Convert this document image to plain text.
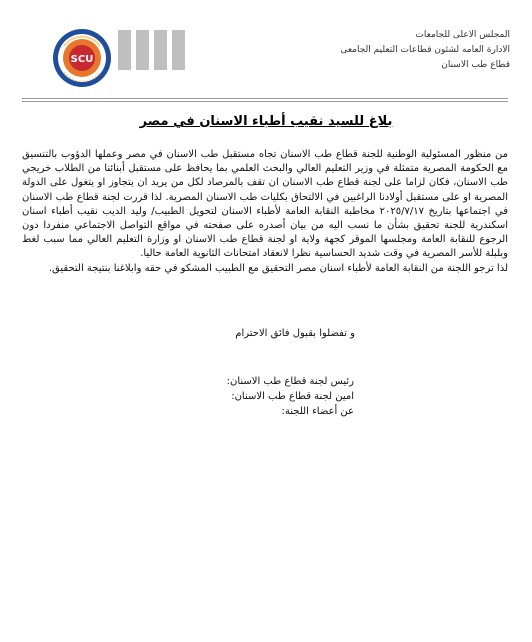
المجلس الاعلى للجامعات
الادارة العامه لشئون قطاعات التعليم الجامعى
قطاع طب الاسنان
SCU
بلاغ للسيد نقيب أطباء الاسنان في مصر

من منظور المسئولية الوطنية للجنة قطاع طب الاسنان تجاه مستقبل طب الاسنان في مصر وعملها الدؤوب بالتنسيق مع الحكومة المصرية متمثلة في وزير التعليم العالي والبحث العلمي بما يحافظ على مستقبل أبنائنا من الطلاب خريجي طب الاسنان، فكان لزاما على لجنة قطاع طب الاسنان ان تقف بالمرصاد لكل من يريد ان يتجاوز او يتغول على الدولة المصرية او على مستقبل أولادنا الراغبين في الالتحاق بكليات طب الاسنان المصرية. لذا قررت لجنة قطاع طب الاسنان في اجتماعها بتاريخ ٢٠٢٥/٧/١٧ مخاطبة النقابة العامة لأطباء الاسنان لتحويل الطبيب/ وليد الديب نقيب أطباء اسنان اسكندرية للجنة تحقيق بشأن ما نسب اليه من بيان أصدره على صفحته في مواقع التواصل الاجتماعي منفردا دون الرجوع للنقابة العامة ومجلسها الموقر كجهة ولاية او لجنة قطاع طب الاسنان او وزارة التعليم العالي مما سبب لغط وبلبلة للأسر المصرية في وقت شديد الحساسية نظرا لانعقاد امتحانات الثانوية العامة حاليا.

لذا ترجو اللجنة من النقابة العامة لأطباء اسنان مصر التحقيق مع الطبيب المشكو في حقه وابلاغنا بنتيجة التحقيق.

و تفضلوا بقبول فائق الاحترام
رئيس لجنة قطاع طب الاسنان:
امين لجنة قطاع طب الاسنان:
عن أعضاء اللجنة:
